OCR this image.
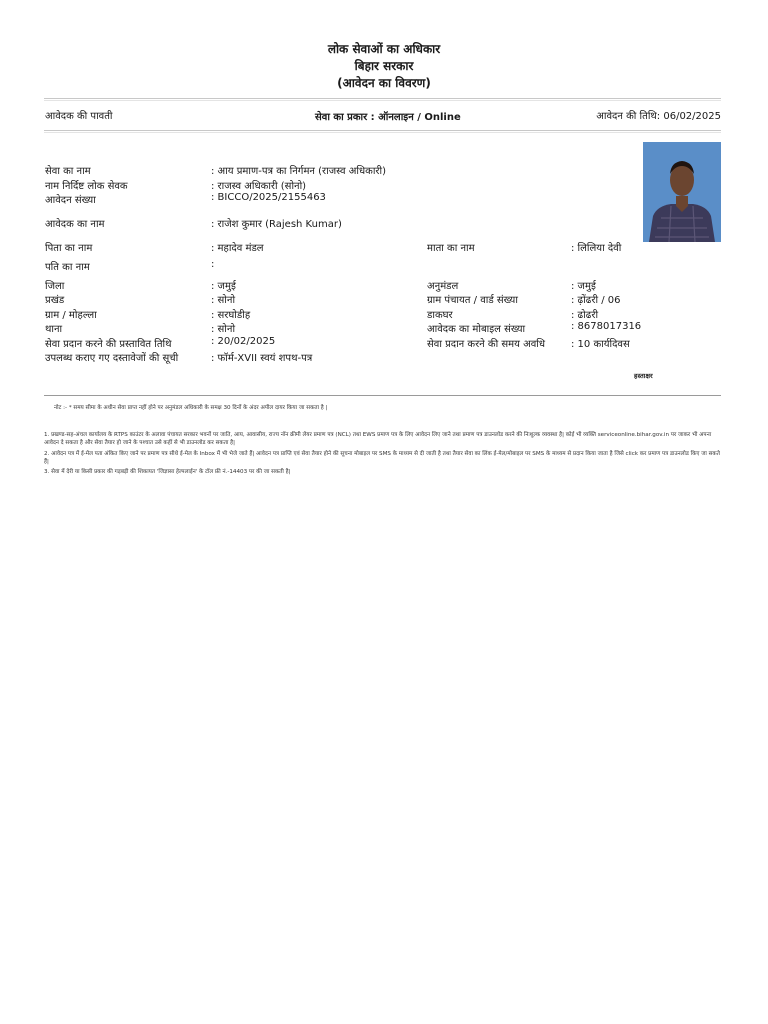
लोक सेवाओं का अधिकार
बिहार सरकार
(आवेदन का विवरण)
आवेदक की पावती	सेवा का प्रकार : ऑनलाइन / Online	आवेदन की तिथि: 06/02/2025
सेवा का नाम	: आय प्रमाण-पत्र का निर्गमन (राजस्व अधिकारी)
नाम निर्दिष्ट लोक सेवक	: राजस्व अधिकारी (सोनो)
आवेदन संख्या	: BICCO/2025/2155463
आवेदक का नाम	: राजेश कुमार (Rajesh Kumar)
पिता का नाम	: महादेव मंडल	माता का नाम	: लिलिया देवी
पति का नाम	:
जिला	: जमुई	अनुमंडल	: जमुई
प्रखंड	: सोनो	ग्राम पंचायत / वार्ड संख्या	: ढ़ोंढरी / 06
ग्राम / मोहल्ला	: सरघोडीह	डाकघर	: ढोढरी
थाना	: सोनो	आवेदक का मोबाइल संख्या	: 8678017316
सेवा प्रदान करने की प्रस्तावित तिथि	: 20/02/2025	सेवा प्रदान करने की समय अवधि	: 10 कार्यदिवस
उपलब्ध कराए गए दस्तावेजों की सूची	: फॉर्म-XVII स्वयं शपथ-पत्र
हस्ताक्षर
नोट :- * समय सीमा के अधीन सेवा प्राप्त नहीं होने पर अनुमंडल अधिकारी के समक्ष 30 दिनों के अंदर अपील दायर किया जा सकता है |
1. प्रखण्ड-सह-अंचल कार्यालय के RTPS काउंटर के अलावा पंचायत सरकार भवनों पर जाति, आय, आवासीय, राज्य नॉन क्रीमी लेयर प्रमाण पत्र (NCL) तथा EWS प्रमाण पत्र के लिए आवेदन लिए जाने तथा प्रमाण पत्र डाउनलोड करने की निःशुल्क व्यवस्था है| कोई भी व्यक्ति serviceonline.bihar.gov.in पर जाकर भी अपना आवेदन दे सकता है और सेवा तैयार हो जाने के पश्चात उसे कहीं से भी डाउनलोड कर सकता है|
2. आवेदन पत्र में ई-मेल पता अंकित किए जाने पर प्रमाण पत्र सीधे ई-मेल के Inbox में भी भेजे जाते हैं| आवेदन पत्र प्राप्ति एवं सेवा तैयार होने की सूचना मोबाइल पर SMS के माध्यम से दी जाती है तथा तैयार सेवा का लिंक ई-मेल/मोबाइल पर SMS के माध्यम से प्रदान किया जाता है जिसे click कर प्रमाण पत्र डाउनलोड किए जा सकते हैं|
3. सेवा में देरी या किसी प्रकार की गड़बड़ी की शिकायत 'जिज्ञासा हेल्पलाईन' के टॉल फ्री नं.-14403 पर की जा सकती है|
